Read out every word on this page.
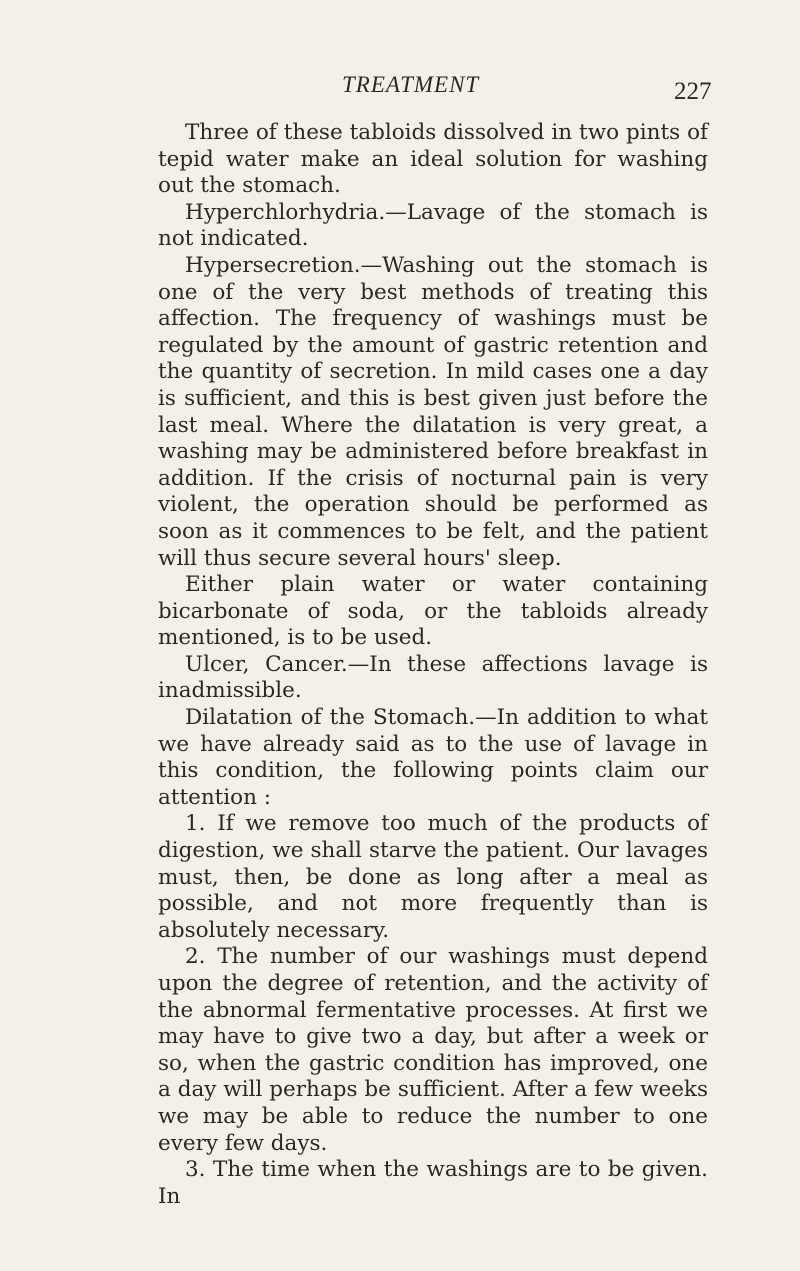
TREATMENT	227

Three of these tabloids dissolved in two pints of tepid water make an ideal solution for washing out the stomach.

Hyperchlorhydria.—Lavage of the stomach is not indicated.

Hypersecretion.—Washing out the stomach is one of the very best methods of treating this affection. The frequency of washings must be regulated by the amount of gastric retention and the quantity of secretion. In mild cases one a day is sufficient, and this is best given just before the last meal. Where the dilatation is very great, a washing may be administered before breakfast in addition. If the crisis of nocturnal pain is very violent, the operation should be performed as soon as it commences to be felt, and the patient will thus secure several hours' sleep.

Either plain water or water containing bicarbonate of soda, or the tabloids already mentioned, is to be used.

Ulcer, Cancer.—In these affections lavage is inadmissible.

Dilatation of the Stomach.—In addition to what we have already said as to the use of lavage in this condition, the following points claim our attention :

1. If we remove too much of the products of digestion, we shall starve the patient. Our lavages must, then, be done as long after a meal as possible, and not more frequently than is absolutely necessary.

2. The number of our washings must depend upon the degree of retention, and the activity of the abnormal fermentative processes. At first we may have to give two a day, but after a week or so, when the gastric condition has improved, one a day will perhaps be sufficient. After a few weeks we may be able to reduce the number to one every few days.

3. The time when the washings are to be given. In
